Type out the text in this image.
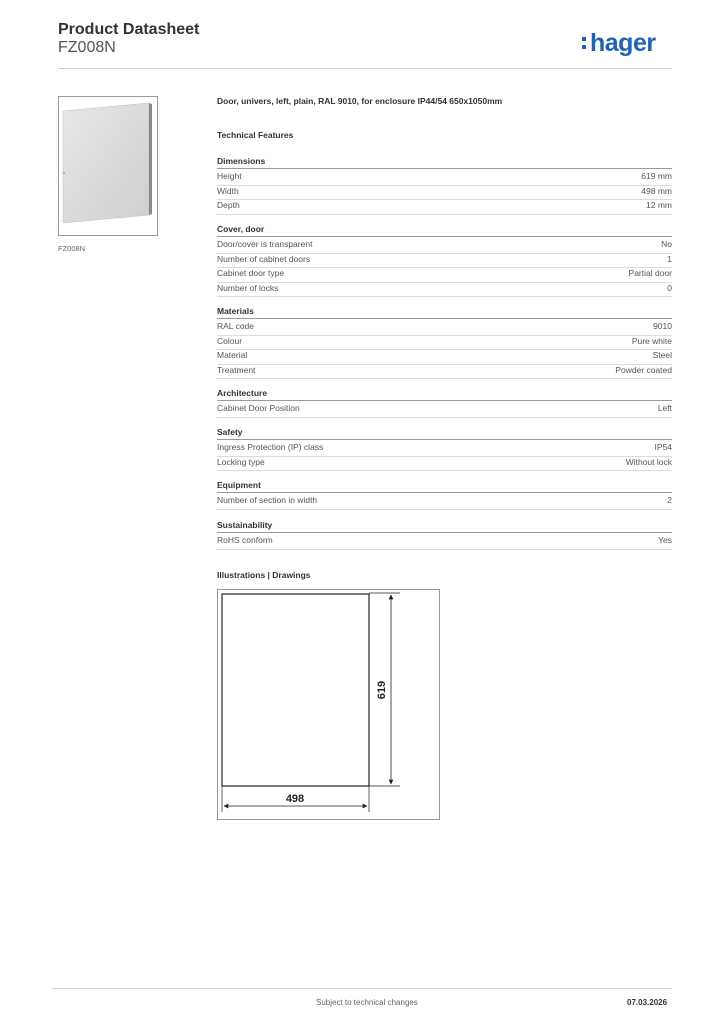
Product Datasheet
FZ008N	hager
FZ008N
Door, univers, left, plain, RAL 9010, for enclosure IP44/54 650x1050mm
Technical Features
Dimensions
Height	619 mm
Width	498 mm
Depth	12 mm
Cover, door
Door/cover is transparent	No
Number of cabinet doors	1
Cabinet door type	Partial door
Number of locks	0
Materials
RAL code	9010
Colour	Pure white
Material	Steel
Treatment	Powder coated
Architecture
Cabinet Door Position	Left
Safety
Ingress Protection (IP) class	IP54
Locking type	Without lock
Equipment
Number of section in width	2
Sustainability
RoHS conform	Yes
Illustrations | Drawings
619
498
Subject to technical changes	07.03.2026
